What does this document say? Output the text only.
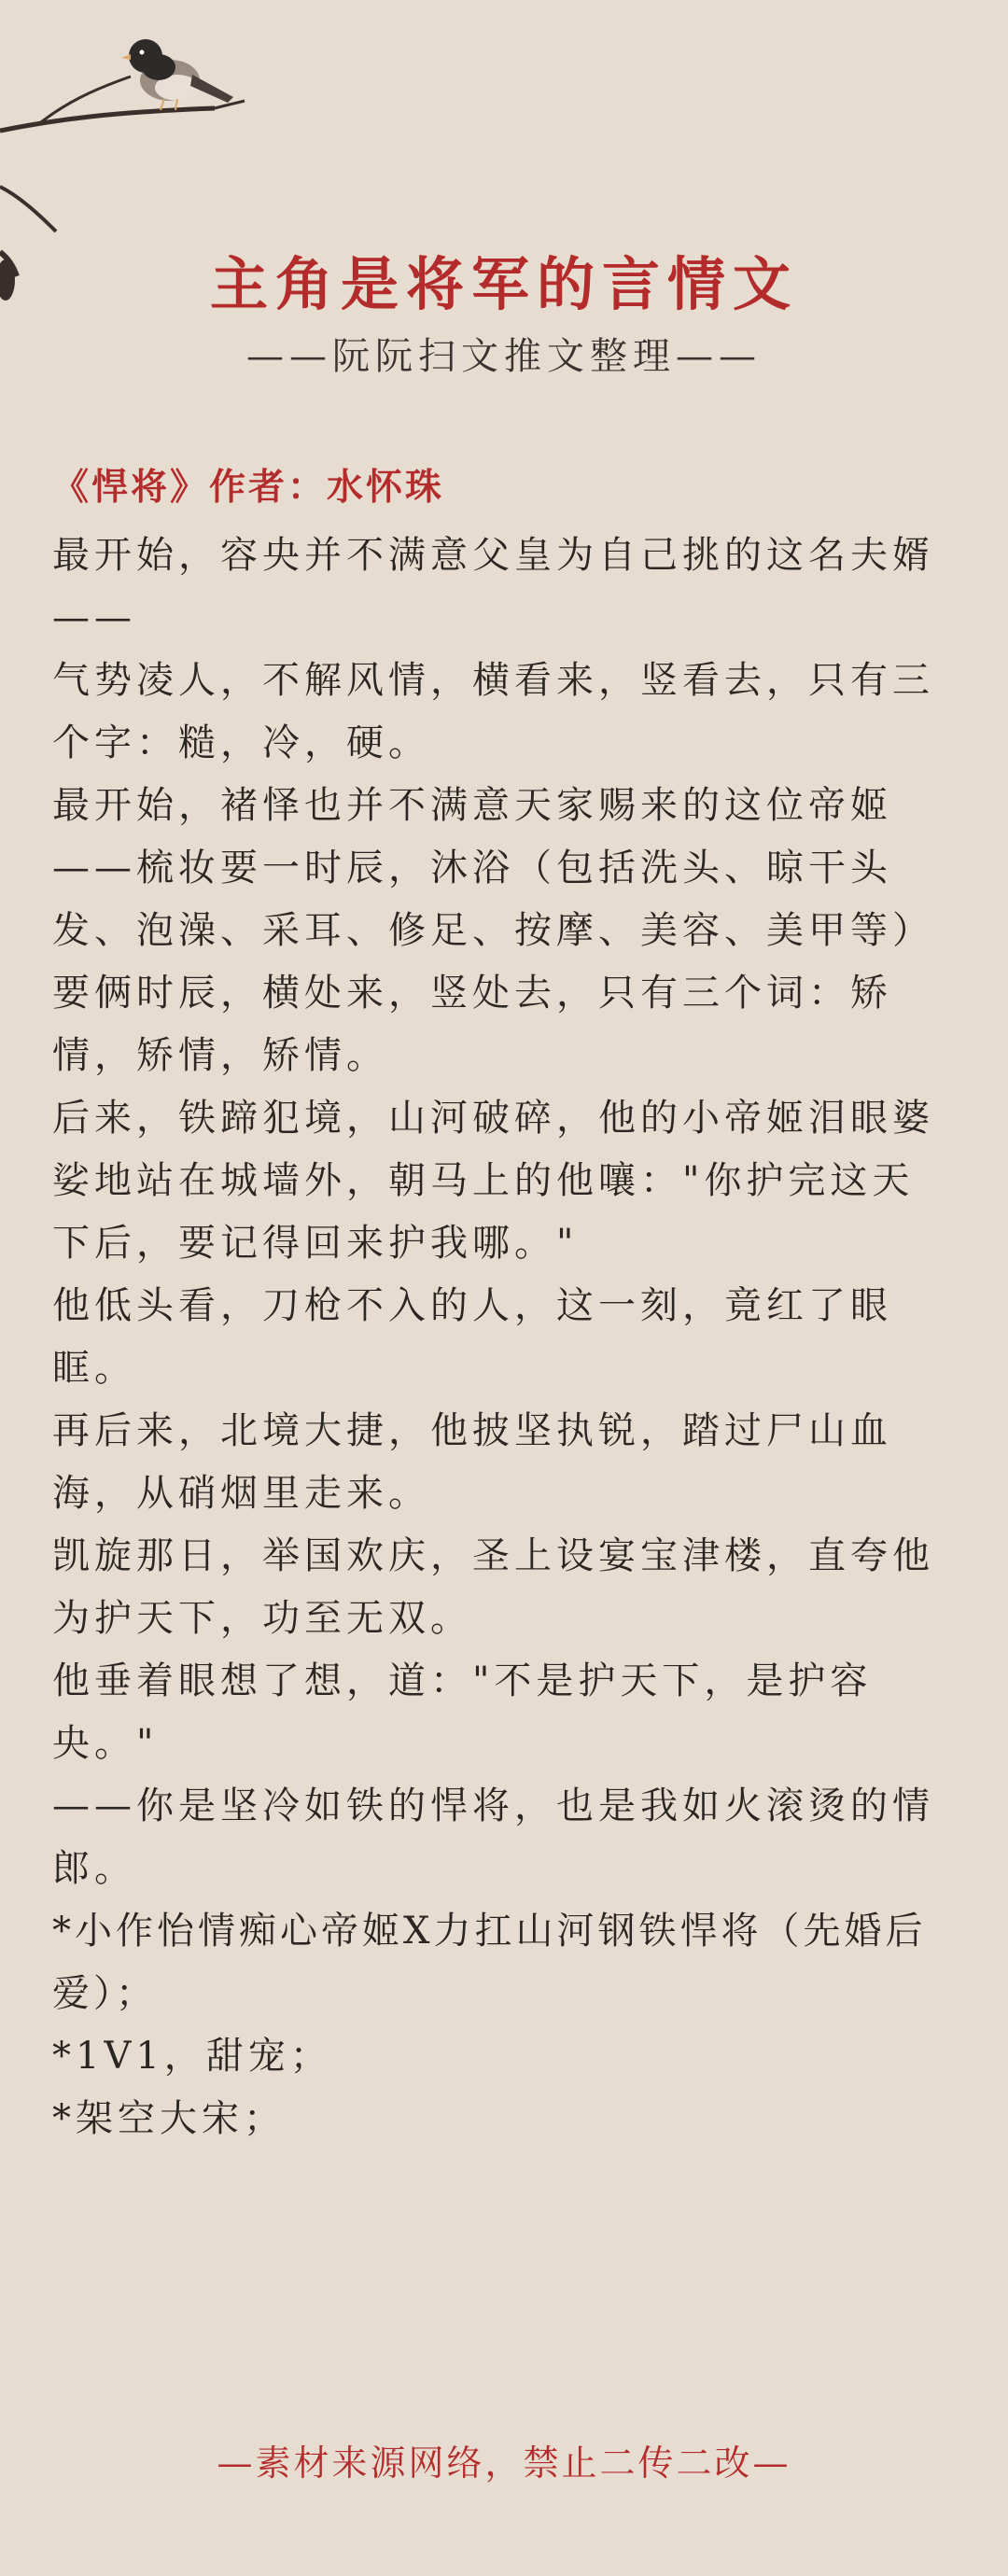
主角是将军的言情文
——阮阮扫文推文整理——
《悍将》作者：水怀珠
最开始，容央并不满意父皇为自己挑的这名夫婿——
气势凌人，不解风情，横看来，竖看去，只有三个字：糙，冷，硬。
最开始，褚怿也并不满意天家赐来的这位帝姬——梳妆要一时辰，沐浴（包括洗头、晾干头发、泡澡、采耳、修足、按摩、美容、美甲等）要俩时辰，横处来，竖处去，只有三个词：矫情，矫情，矫情。
后来，铁蹄犯境，山河破碎，他的小帝姬泪眼婆娑地站在城墙外，朝马上的他嚷："你护完这天下后，要记得回来护我哪。"
他低头看，刀枪不入的人，这一刻，竟红了眼眶。
再后来，北境大捷，他披坚执锐，踏过尸山血海，从硝烟里走来。
凯旋那日，举国欢庆，圣上设宴宝津楼，直夸他为护天下，功至无双。
他垂着眼想了想，道："不是护天下，是护容央。"
——你是坚冷如铁的悍将，也是我如火滚烫的情郎。
*小作怡情痴心帝姬X力扛山河钢铁悍将（先婚后爱）；
*1V1，甜宠；
*架空大宋；
—素材来源网络，禁止二传二改—
